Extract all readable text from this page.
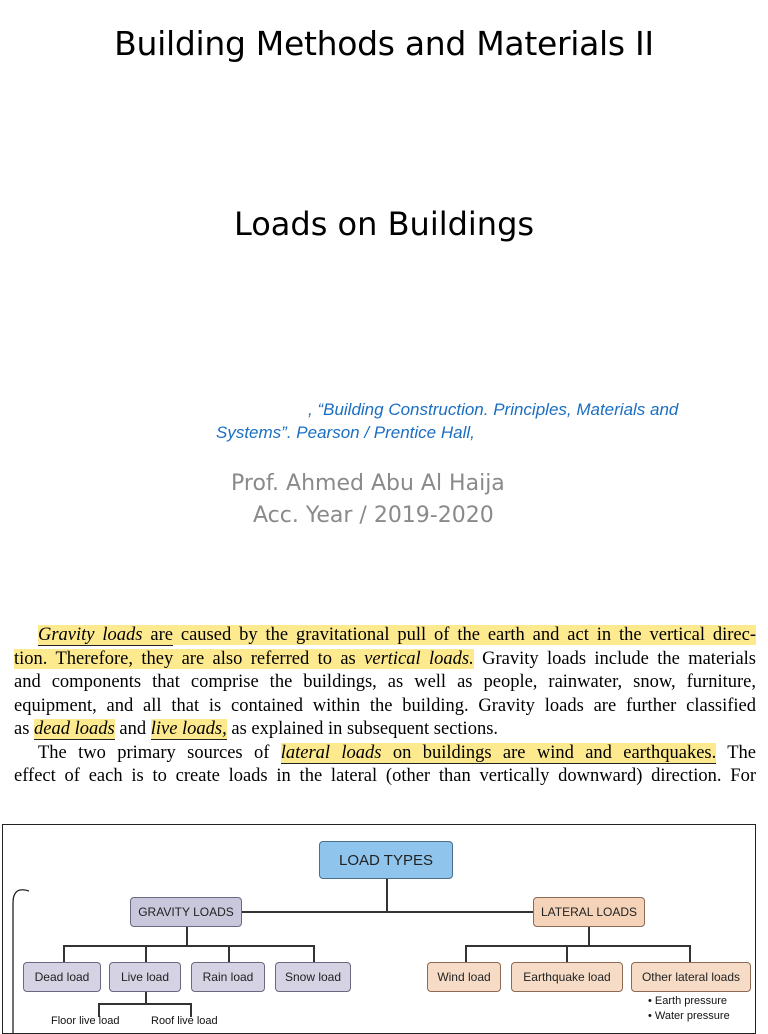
Building Methods and Materials II
Loads on Buildings
, “Building Construction. Principles, Materials and
Systems”. Pearson / Prentice Hall,
Prof. Ahmed Abu Al Haija
Acc. Year / 2019-2020
Gravity loads are caused by the gravitational pull of the earth and act in the vertical direc-
tion. Therefore, they are also referred to as vertical loads. Gravity loads include the materials
and components that comprise the buildings, as well as people, rainwater, snow, furniture,
equipment, and all that is contained within the building. Gravity loads are further classified
as dead loads and live loads, as explained in subsequent sections.
The two primary sources of lateral loads on buildings are wind and earthquakes. The
effect of each is to create loads in the lateral (other than vertically downward) direction. For
LOAD TYPES
GRAVITY LOADS
Dead load	Live load	Rain load	Snow load
Floor live load	Roof live load
LATERAL LOADS
Wind load	Earthquake load	Other lateral loads
• Earth pressure
• Water pressure
